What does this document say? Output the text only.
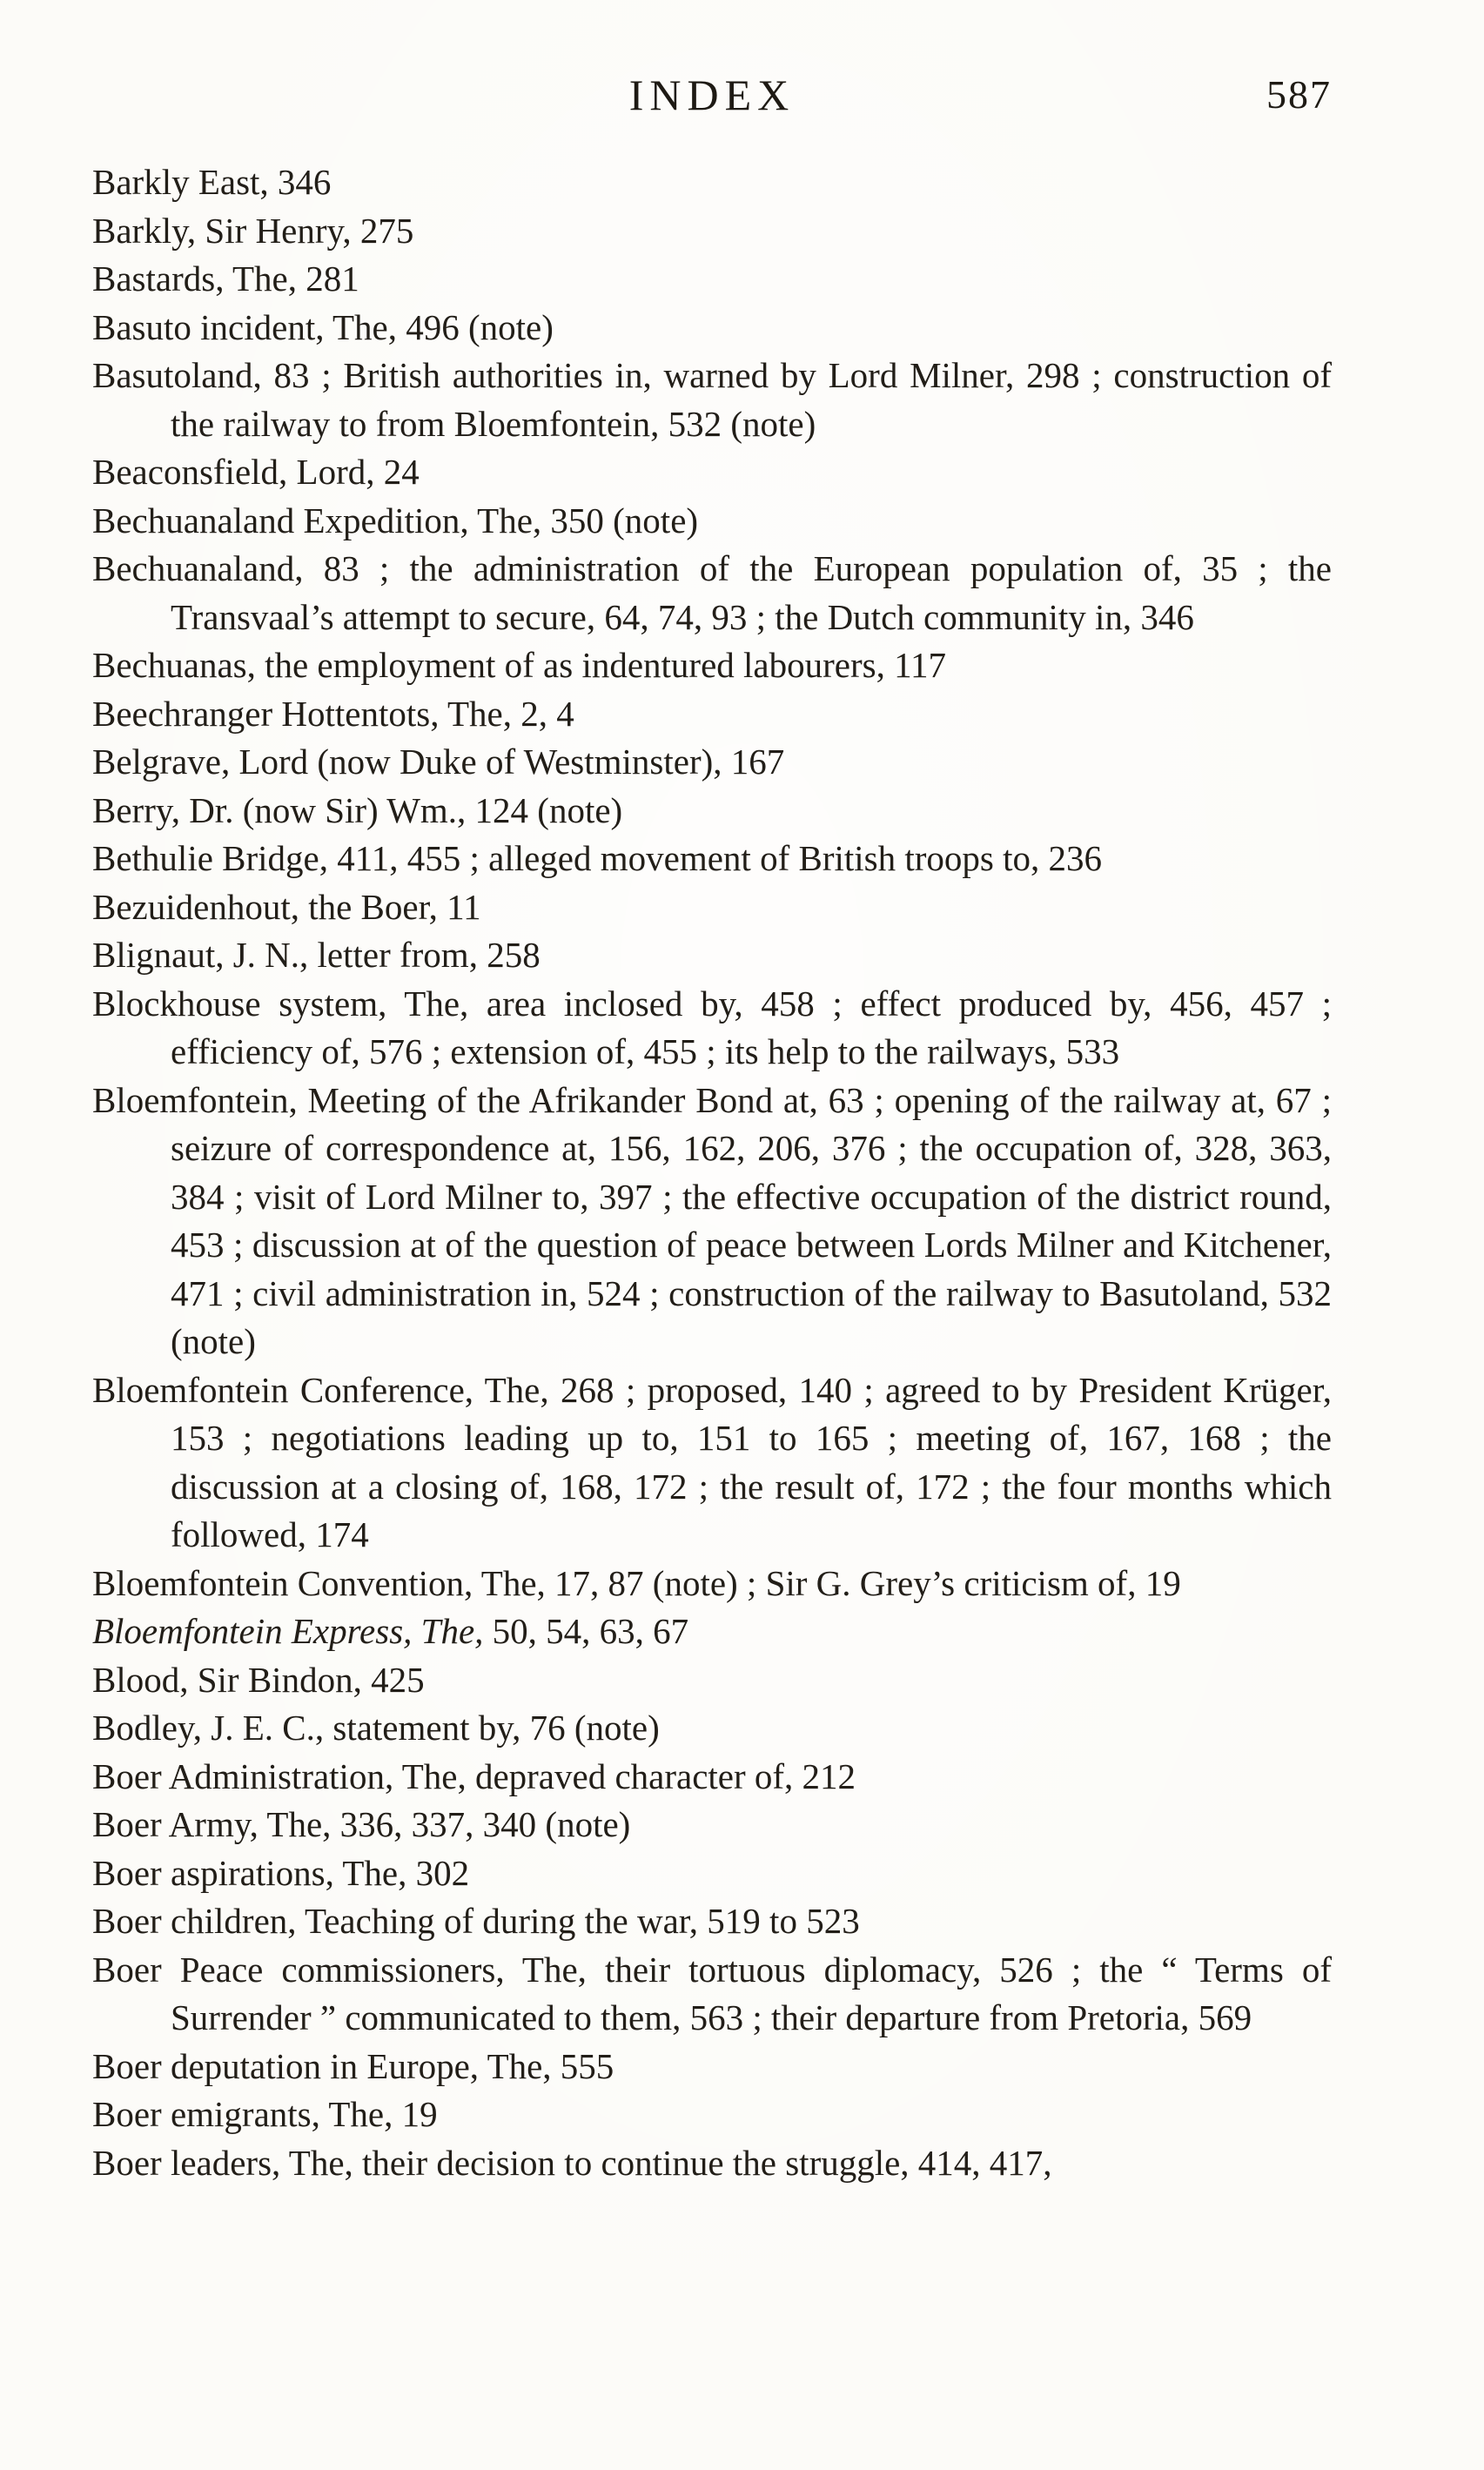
INDEX	587

Barkly East, 346

Barkly, Sir Henry, 275

Bastards, The, 281

Basuto incident, The, 496 (note)

Basutoland, 83 ; British authorities in, warned by Lord Milner, 298 ; construction of the railway to from Bloemfontein, 532 (note)

Beaconsfield, Lord, 24

Bechuanaland Expedition, The, 350 (note)

Bechuanaland, 83 ; the administration of the European population of, 35 ; the Transvaal’s attempt to secure, 64, 74, 93 ; the Dutch community in, 346

Bechuanas, the employment of as indentured labourers, 117

Beechranger Hottentots, The, 2, 4

Belgrave, Lord (now Duke of Westminster), 167

Berry, Dr. (now Sir) Wm., 124 (note)

Bethulie Bridge, 411, 455 ; alleged movement of British troops to, 236

Bezuidenhout, the Boer, 11

Blignaut, J. N., letter from, 258

Blockhouse system, The, area inclosed by, 458 ; effect produced by, 456, 457 ; efficiency of, 576 ; extension of, 455 ; its help to the railways, 533

Bloemfontein, Meeting of the Afrikander Bond at, 63 ; opening of the railway at, 67 ; seizure of correspondence at, 156, 162, 206, 376 ; the occupation of, 328, 363, 384 ; visit of Lord Milner to, 397 ; the effective occupation of the district round, 453 ; discussion at of the question of peace between Lords Milner and Kitchener, 471 ; civil administration in, 524 ; construction of the railway to Basutoland, 532 (note)

Bloemfontein Conference, The, 268 ; proposed, 140 ; agreed to by President Krüger, 153 ; negotiations leading up to, 151 to 165 ; meeting of, 167, 168 ; the discussion at a closing of, 168, 172 ; the result of, 172 ; the four months which followed, 174

Bloemfontein Convention, The, 17, 87 (note) ; Sir G. Grey’s criticism of, 19

Bloemfontein Express, The, 50, 54, 63, 67

Blood, Sir Bindon, 425

Bodley, J. E. C., statement by, 76 (note)

Boer Administration, The, depraved character of, 212

Boer Army, The, 336, 337, 340 (note)

Boer aspirations, The, 302

Boer children, Teaching of during the war, 519 to 523

Boer Peace commissioners, The, their tortuous diplomacy, 526 ; the “ Terms of Surrender ” communicated to them, 563 ; their departure from Pretoria, 569

Boer deputation in Europe, The, 555

Boer emigrants, The, 19

Boer leaders, The, their decision to continue the struggle, 414, 417,
